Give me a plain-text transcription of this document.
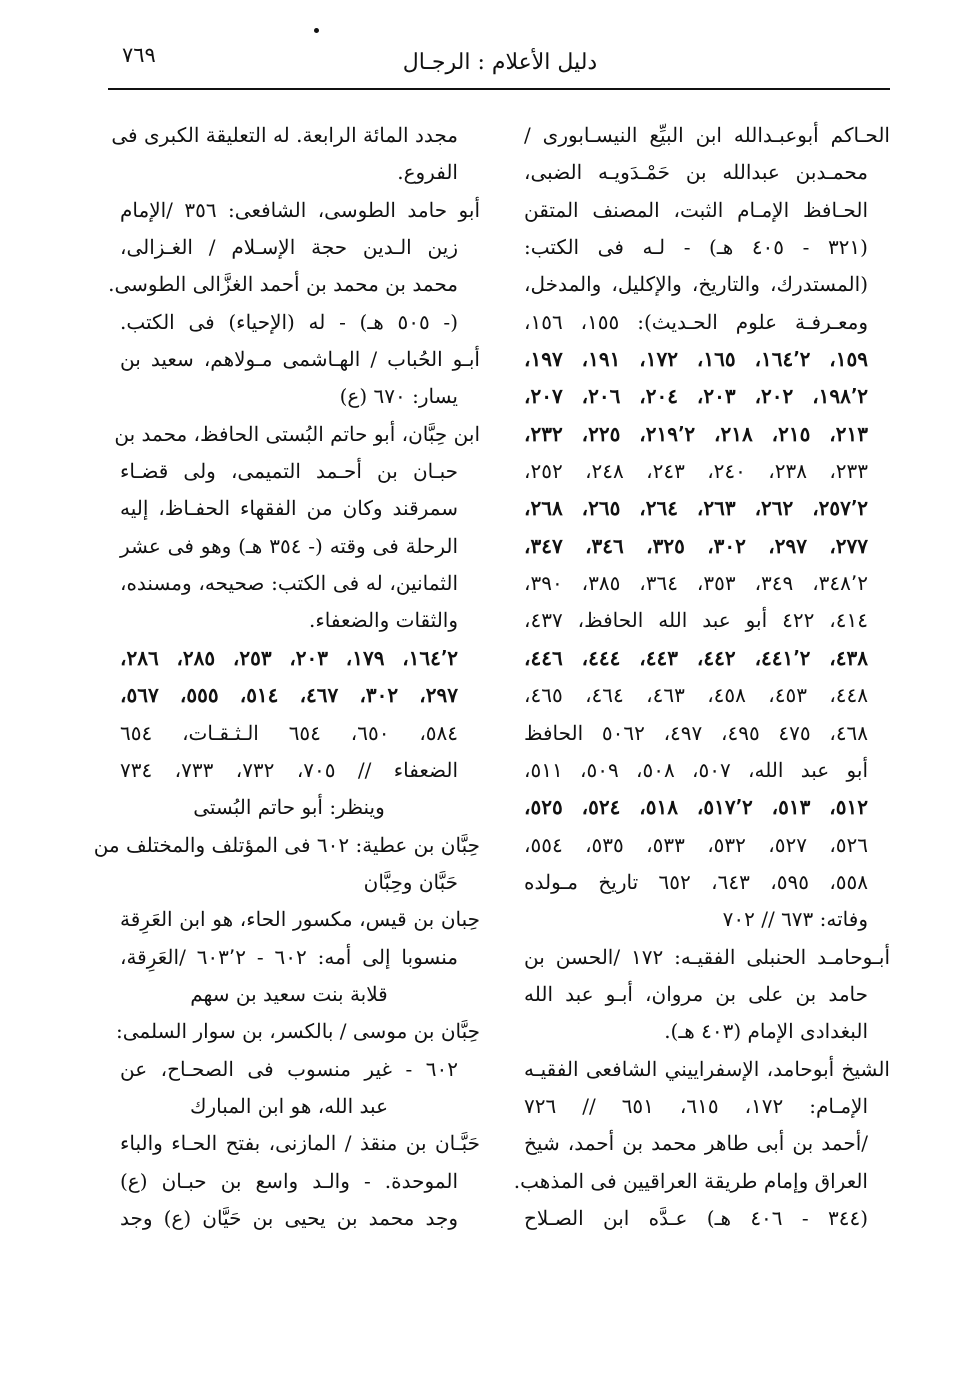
دليل الأعلام : الرجـال
٧٦٩
الحـاكم أبوعبـدالله ابن البيِّع النيسـابورى /
محمـدبن عبدالله بن حَمْـدَويـه الضبى،
الحـافظ الإمـام الثبت، المصنف المتقن
(٣٢١ - ٤٠٥ هـ) - لـه فى الكتب:
(المستدرك، والتاريخ، والإكليل، والمدخل،
ومعـرفـة علوم الحـديث): ١٥٥، ١٥٦،
١٥٩، ١٦٤٬٢، ١٦٥، ١٧٢، ١٩١، ١٩٧،
١٩٨٬٢، ٢٠٢، ٢٠٣، ٢٠٤، ٢٠٦، ٢٠٧،
٢١٣، ٢١٥، ٢١٨، ٢١٩٬٢، ٢٢٥، ٢٣٢،
٢٣٣، ٢٣٨، ٢٤٠، ٢٤٣، ٢٤٨، ٢٥٢،
٢٥٧٬٢، ٢٦٢، ٢٦٣، ٢٦٤، ٢٦٥، ٢٦٨،
٢٧٧، ٢٩٧، ٣٠٢، ٣٢٥، ٣٤٦، ٣٤٧،
٣٤٨٬٢، ٣٤٩، ٣٥٣، ٣٦٤، ٣٨٥، ٣٩٠،
٤١٤، ٤٢٢ أبو عبد الله الحافظ، ٤٣٧،
٤٣٨، ٤٤١٬٢، ٤٤٢، ٤٤٣، ٤٤٤، ٤٤٦،
٤٤٨، ٤٥٣، ٤٥٨، ٤٦٣، ٤٦٤، ٤٦٥،
٤٦٨، ٤٧٥ ٤٩٥، ٤٩٧، ٥٠٦٢ الحافظ
أبو عبد الله، ٥٠٧، ٥٠٨، ٥٠٩، ٥١١،
٥١٢، ٥١٣، ٥١٧٬٢، ٥١٨، ٥٢٤، ٥٢٥،
٥٢٦، ٥٢٧، ٥٣٢، ٥٣٣، ٥٣٥، ٥٥٤،
٥٥٨، ٥٩٥، ٦٤٣، ٦٥٢ تاريخ مـولده
وفاته: ٦٧٣ // ٧٠٢
أبـوحامـد الحنبلى الفقيـه: ١٧٢ /الحسن بن
حامد بن على بن مروان، أبـو عبد الله
البغدادى الإمام (٤٠٣ هـ).
الشيخ أبوحامد، الإسفراييني الشافعى الفقيـه
الإمـام: ١٧٢، ٦١٥، ٦٥١ // ٧٢٦
/أحمد بن أبى طاهر محمد بن أحمد، شيخ
العراق وإمام طريقة العراقيين فى المذهب.
(٣٤٤ - ٤٠٦ هـ) عـدَّه ابن الصـلاح
مجدد المائة الرابعة. له التعليقة الكبرى فى
الفروع.
أبو حامد الطوسى، الشافعى: ٣٥٦ /الإمام
زين الـدين حجة الإسـلام / الغـزالى،
محمد بن محمد بن أحمد الغزَّالى الطوسى.
(- ٥٠٥ هـ) - له (الإحياء) فى الكتب.
أبـو الحُباب / الهـاشمى مـولاهم، سعيد بن
يسار: ٦٧٠ (ع)
ابن حِبَّان، أبو حاتم البُستى الحافظ، محمد بن
حبـان بن أحـمد التميمى، ولى قضـاء
سمرقند وكان من الفقهاء الحفـاظ، إليه
الرحلة فى وقته (- ٣٥٤ هـ) وهو فى عشر
الثمانين، له فى الكتب: صحيحه، ومسنده،
والثقات والضعفاء.
١٦٤٬٢، ١٧٩، ٢٠٣، ٢٥٣، ٢٨٥، ٢٨٦،
٢٩٧، ٣٠٢، ٤٦٧، ٥١٤، ٥٥٥، ٥٦٧،
٥٨٤، ٦٥٠، ٦٥٤ الـثـقـات، ٦٥٤
الضعفاء // ٧٠٥، ٧٣٢، ٧٣٣، ٧٣٤
وينظر: أبو حاتم البُستى
حِبَّان بن عطية: ٦٠٢ فى المؤتلف والمختلف من
حَبَّان وحِبَّان
حِبان بن قيس، مكسور الحاء، هو ابن العَرِقة
منسوبا إلى أمه: ٦٠٢ - ٦٠٣٬٢ /العَرِقة،
قلابة بنت سعيد بن سهم
حِبَّان بن موسى / بالكسر، بن سوار السلمى:
٦٠٢ - غير منسوب فى الصحـاح، عن
عبد الله، هو ابن المبارك
حَبَّـان بن منقذ / المازنى، بفتح الحـاء والباء
الموحدة. - والـد واسع بن حبـان (ع)
وجد محمد بن يحيى بن حَيَّان (ع) وجد
